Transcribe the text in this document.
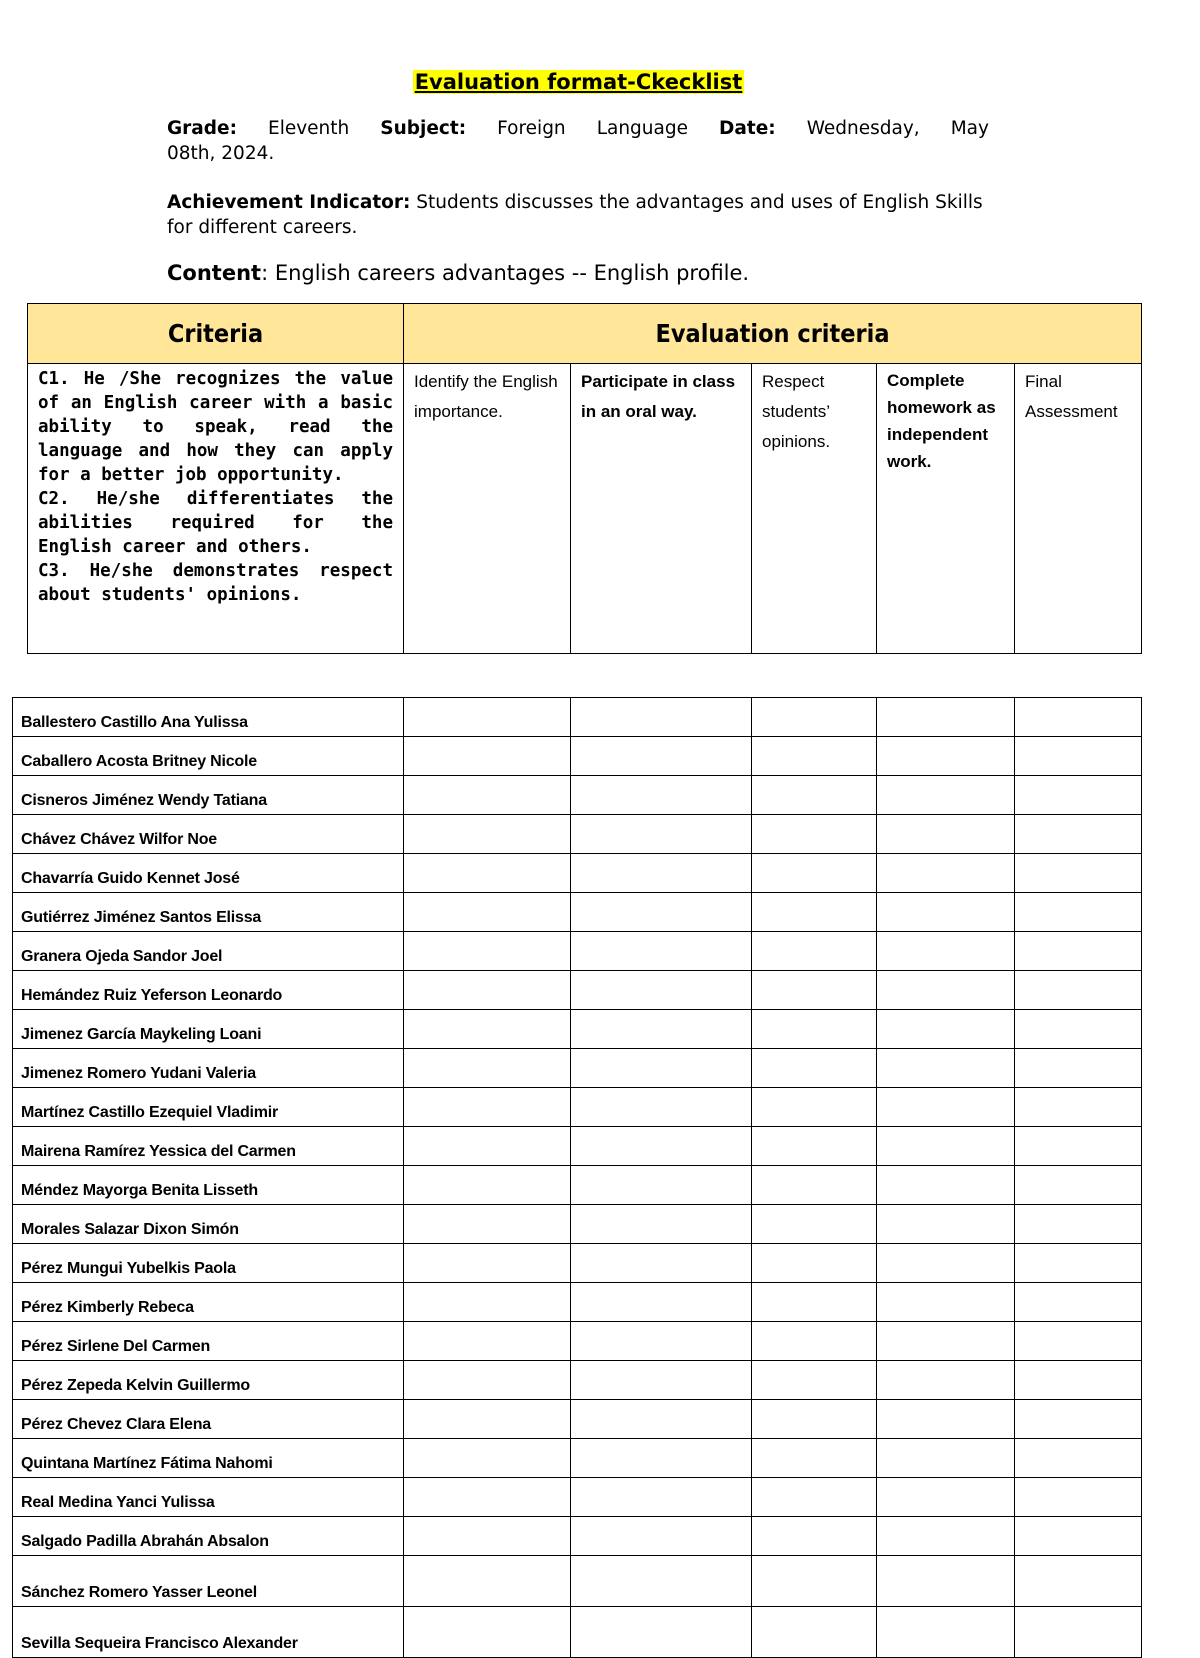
Evaluation format-Ckecklist
Grade: Eleventh Subject: Foreign Language Date: Wednesday, May
08th, 2024.
Achievement Indicator: Students discusses the advantages and uses of English Skills for different careers.
Content: English careers advantages -- English profile.
Criteria	Evaluation criteria				

C1. He /She recognizes the value of an English career with a basic ability to speak, read the language and how they can apply for a better job opportunity.
C2. He/she differentiates the abilities required for the English career and others.
C3. He/she demonstrates respect about students' opinions.	Identify the English importance.	Participate in class in an oral way.	Respect students’ opinions.	Complete homework as independent work.	Final Assessment
Ballestero Castillo Ana Yulissa					
Caballero Acosta Britney Nicole					
Cisneros Jiménez Wendy Tatiana					
Chávez Chávez Wilfor Noe					
Chavarría Guido Kennet José					
Gutiérrez Jiménez Santos Elissa					
Granera Ojeda Sandor Joel					
Hemández Ruiz Yeferson Leonardo					
Jimenez García Maykeling Loani					
Jimenez Romero Yudani Valeria					
Martínez Castillo Ezequiel Vladimir					
Mairena Ramírez Yessica del Carmen					
Méndez Mayorga Benita Lisseth					
Morales Salazar Dixon Simón					
Pérez Mungui Yubelkis Paola					
Pérez Kimberly Rebeca					
Pérez Sirlene Del Carmen					
Pérez Zepeda Kelvin Guillermo					
Pérez Chevez Clara Elena					
Quintana Martínez Fátima Nahomi					
Real Medina Yanci Yulissa					
Salgado Padilla Abrahán Absalon					
Sánchez Romero Yasser Leonel					
Sevilla Sequeira Francisco Alexander					
